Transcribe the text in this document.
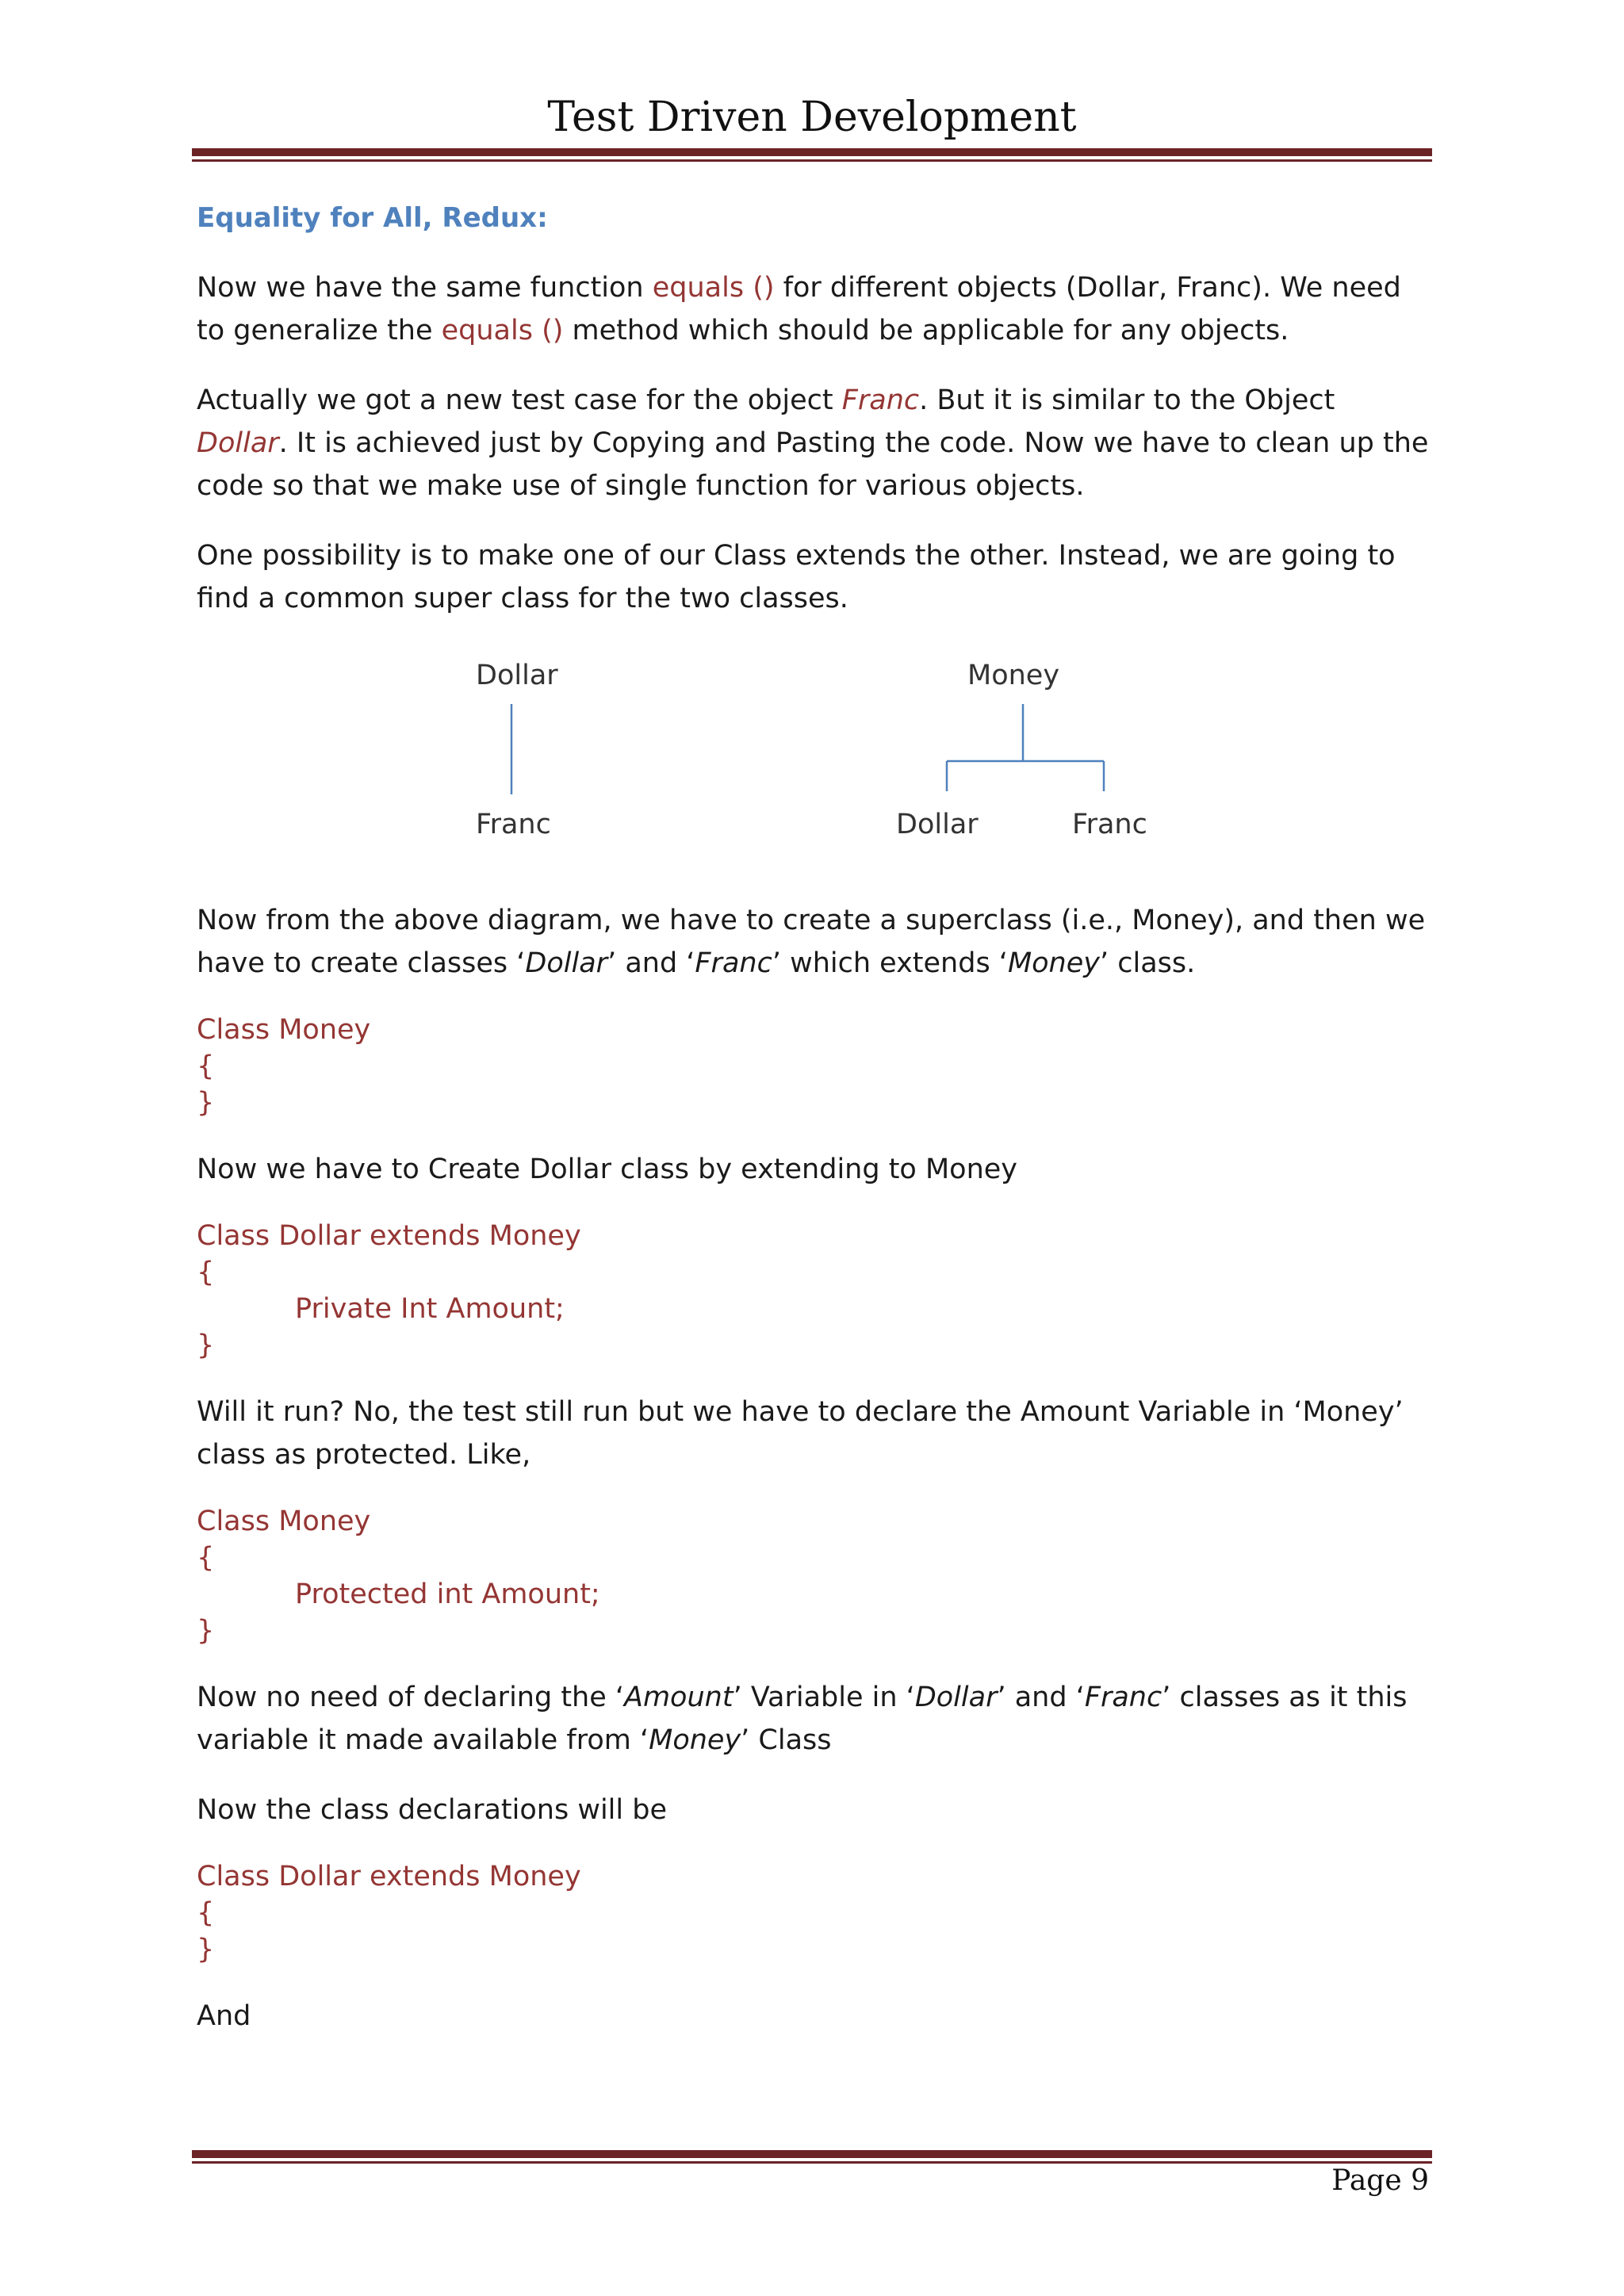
Test Driven Development
Equality for All, Redux:
Now we have the same function equals () for different objects (Dollar, Franc). We need to generalize the equals () method which should be applicable for any objects.
Actually we got a new test case for the object Franc. But it is similar to the Object Dollar. It is achieved just by Copying and Pasting the code. Now we have to clean up the code so that we make use of single function for various objects.
One possibility is to make one of our Class extends the other. Instead, we are going to find a common super class for the two classes.
Dollar
Franc
Money
Dollar	Franc
Now from the above diagram, we have to create a superclass (i.e., Money), and then we have to create classes ‘Dollar’ and ‘Franc’ which extends ‘Money’ class.
Class Money
{
}
Now we have to Create Dollar class by extending to Money
Class Dollar extends Money
{
Private Int Amount;
}
Will it run? No, the test still run but we have to declare the Amount Variable in ‘Money’ class as protected. Like,
Class Money
{
Protected int Amount;
}
Now no need of declaring the ‘Amount’ Variable in ‘Dollar’ and ‘Franc’ classes as it this variable it made available from ‘Money’ Class
Now the class declarations will be
Class Dollar extends Money
{
}
And
Page 9
